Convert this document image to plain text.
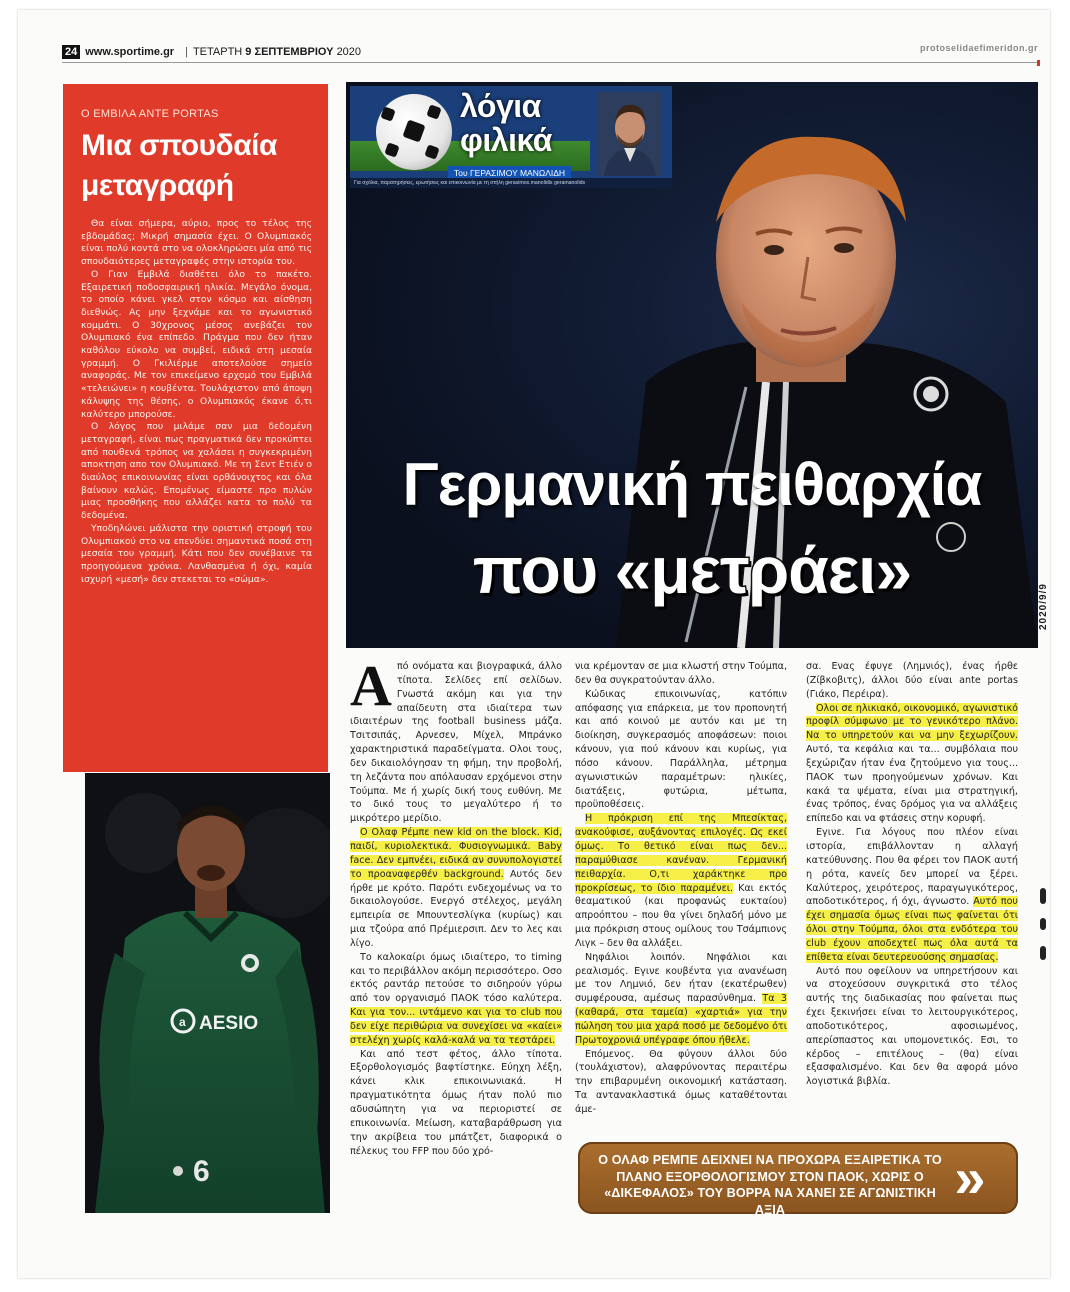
24 www.sportime.gr | ΤΕΤΑΡΤΗ 9 ΣΕΠΤΕΜΒΡΙΟΥ 2020	protoselidaefimeridon.gr
Ο ΕΜΒΙΛΑ ΑΝΤΕ PORTAS
Μια σπουδαία μεταγραφή

Θα είναι σήμερα, αύριο, προς το τέλος της εβδομάδας; Μικρή σημασία έχει. Ο Ολυμπιακός είναι πολύ κοντά στο να ολοκληρώσει μία από τις σπουδαιότερες μεταγραφές στην ιστορία του.

Ο Γιαν Εμβιλά διαθέτει όλο το πακέτο. Εξαιρετική ποδοσφαιρική ηλικία. Μεγάλο όνομα, το οποίο κάνει γκελ στον κόσμο και αίσθηση διεθνώς. Ας μην ξεχνάμε και το αγωνιστικό κομμάτι. Ο 30χρονος μέσος ανεβάζει τον Ολυμπιακό ένα επίπεδο. Πράγμα που δεν ήταν καθόλου εύκολο να συμβεί, ειδικά στη μεσαία γραμμή. Ο Γκιλιέρμε αποτελούσε σημείο αναφοράς. Με τον επικείμενο ερχομό του Εμβιλά «τελειώνει» η κουβέντα. Τουλάχιστον από άποψη κάλυψης της θέσης, ο Ολυμπιακός έκανε ό,τι καλύτερο μπορούσε.

Ο λόγος που μιλάμε σαν μια δεδομένη μεταγραφή, είναι πως πραγματικά δεν προκύπτει από πουθενά τρόπος να χαλάσει η συγκεκριμένη αποκτηση απο τον Ολυμπιακό. Με τη Σεντ Ετιέν ο διαύλος επικοινωνίας είναι ορθάνοιχτος και όλα βαίνουν καλώς. Επομένως είμαστε προ πυλών μιας προσθήκης που αλλάζει κατα το πολύ τα δεδομένα.

Υποδηλώνει μάλιστα την οριστική στροφή του Ολυμπιακού στο να επενδύει σημαντικά ποσά στη μεσαία του γραμμή. Κάτι που δεν συνέβαινε τα προηγούμενα χρόνια. Λανθασμένα ή όχι, καμία ισχυρή «μεσή» δεν στεκεται το «σώμα».

a AESIO
6
λόγια
φιλικά
Του ΓΕΡΑΣΙΜΟΥ ΜΑΝΩΛΙΔΗ
Για σχόλια, παρατηρήσεις, ερωτήσεις και επικοινωνία με τη στήλη gerasimos.manolidis geramanolids
Γερμανική πειθαρχία
που «μετράει»

Από ονόματα και βιογραφικά, άλλο τίποτα. Σελίδες επί σελίδων. Γνωστά ακόμη και για την απαίδευτη στα ιδιαίτερα των ιδιαιτέρων της football business μάζα. Τσιτσιπάς, Αρνεσεν, Μίχελ, Μπράνκο χαρακτηριστικά παραδείγματα. Ολοι τους, δεν δικαιολόγησαν τη φήμη, την προβολή, τη λεζάντα που απόλαυσαν ερχόμενοι στην Τούμπα. Με ή χωρίς δική τους ευθύνη. Με το δικό τους το μεγαλύτερο ή το μικρότερο μερίδιο.

Ο Ολαφ Ρέμπε new kid on the block. Kid, παιδί, κυριολεκτικά. Φυσιογνωμικά. Baby face. Δεν εμπνέει, ειδικά αν συνυπολογιστεί το προαναφερθέν background. Αυτός δεν ήρθε με κρότο. Παρότι ενδεχομένως να το δικαιολογούσε. Ενεργό στέλεχος, μεγάλη εμπειρία σε Μπουντεσλίγκα (κυρίως) και μια τζούρα από Πρέμιερσιπ. Δεν το λες και λίγο.

Το καλοκαίρι όμως ιδιαίτερο, το timing και το περιβάλλον ακόμη περισσότερο. Οσο εκτός ραντάρ πετούσε το σιδηρούν γύρω από τον οργανισμό ΠΑΟΚ τόσο καλύτερα. Και για τον... ιντάμενο και για το club που δεν είχε περιθώρια να συνεχίσει να «καίει» στελέχη χωρίς καλά-καλά να τα τεστάρει.

Και από τεστ φέτος, άλλο τίποτα. Εξορθολογισμός βαφτίστηκε. Εύηχη λέξη, κάνει κλικ επικοινωνιακά. Η πραγματικότητα όμως ήταν πολύ πιο αδυσώπητη για να περιοριστεί σε επικοινωνία. Μείωση, καταβαράθρωση για την ακρίβεια του μπάτζετ, διαφορικά ο πέλεκυς του FFP που δύο χρό-

νια κρέμονταν σε μια κλωστή στην Τούμπα, δεν θα συγκρατούνταν άλλο.

Κώδικας επικοινωνίας, κατόπιν απόφασης για επάρκεια, με τον προπονητή και από κοινού με αυτόν και με τη διοίκηση, συγκερασμός αποφάσεων: ποιοι κάνουν, για πού κάνουν και κυρίως, για πόσο κάνουν. Παράλληλα, μέτρημα αγωνιστικών παραμέτρων: ηλικίες, διατάξεις, φυτώρια, μέτωπα, προϋποθέσεις.

Η πρόκριση επί της Μπεσίκτας, ανακούφισε, αυξάνοντας επιλογές. Ως εκεί όμως. Το θετικό είναι πως δεν... παραμύθιασε κανέναν. Γερμανική πειθαρχία. Ο,τι χαράκτηκε προ προκρίσεως, το ίδιο παραμένει. Και εκτός θεαματικού (και προφανώς ευκταίου) απροόπτου – που θα γίνει δηλαδή μόνο με μια πρόκριση στους ομίλους του Τσάμπιονς Λιγκ – δεν θα αλλάξει.

Νηφάλιοι λοιπόν. Νηφάλιοι και ρεαλισμός. Εγινε κουβέντα για ανανέωση με τον Λημνιό, δεν ήταν (εκατέρωθεν) συμφέρουσα, αμέσως παρασύνθημα. Τα 3 (καθαρά, στα ταμεία) «χαρτιά» για την πώληση του μια χαρά ποσό με δεδομένο ότι Πρωτοχρονιά υπέγραφε όπου ήθελε.

Επόμενος. Θα φύγουν άλλοι δύο (τουλάχιστον), αλαφρύνοντας περαιτέρω την επιβαρυμένη οικονομική κατάσταση. Τα αντανακλαστικά όμως καταθέτονται άμε-

σα. Ενας έφυγε (Λημνιός), ένας ήρθε (Ζίβκοβιτς), άλλοι δύο είναι ante portas (Γιάκο, Περέιρα).

Ολοι σε ηλικιακό, οικονομικό, αγωνιστικό προφίλ σύμφωνο με το γενικότερο πλάνο. Να το υπηρετούν και να μην ξεχωρίζουν. Αυτό, τα κεφάλια και τα... συμβόλαια που ξεχώριζαν ήταν ένα ζητούμενο για τους... ΠΑΟΚ των προηγούμενων χρόνων. Και κακά τα ψέματα, είναι μια στρατηγική, ένας τρόπος, ένας δρόμος για να αλλάξεις επίπεδο και να φτάσεις στην κορυφή.

Εγινε. Για λόγους που πλέον είναι ιστορία, επιβάλλονταν η αλλαγή κατεύθυνσης. Που θα φέρει τον ΠΑΟΚ αυτή η ρότα, κανείς δεν μπορεί να ξέρει. Καλύτερος, χειρότερος, παραγωγικότερος, αποδοτικότερος, ή όχι, άγνωστο. Αυτό που έχει σημασία όμως είναι πως φαίνεται ότι όλοι στην Τούμπα, όλοι στα ενδότερα του club έχουν αποδεχτεί πως όλα αυτά τα επίθετα είναι δευτερευούσης σημασίας.

Αυτό που οφείλουν να υπηρετήσουν και να στοχεύσουν συγκριτικά στο τέλος αυτής της διαδικασίας που φαίνεται πως έχει ξεκινήσει είναι το λειτουργικότερος, αποδοτικότερος, αφοσιωμένος, απερίσπαστος και υπομονετικός. Εσι, το κέρδος – επιτέλους – (θα) είναι εξασφαλισμένο. Και δεν θα αφορά μόνο λογιστικά βιβλία.

Ο ΟΛΑΦ ΡΕΜΠΕ ΔΕΙΧΝΕΙ ΝΑ ΠΡΟΧΩΡΑ ΕΞΑΙΡΕΤΙΚΑ ΤΟ ΠΛΑΝΟ ΕΞΟΡΘΟΛΟΓΙΣΜΟΥ ΣΤΟΝ ΠΑΟΚ, ΧΩΡΙΣ Ο «ΔΙΚΕΦΑΛΟΣ» ΤΟΥ ΒΟΡΡΑ ΝΑ ΧΑΝΕΙ ΣΕ ΑΓΩΝΙΣΤΙΚΗ ΑΞΙΑ
»
2020/9/9
